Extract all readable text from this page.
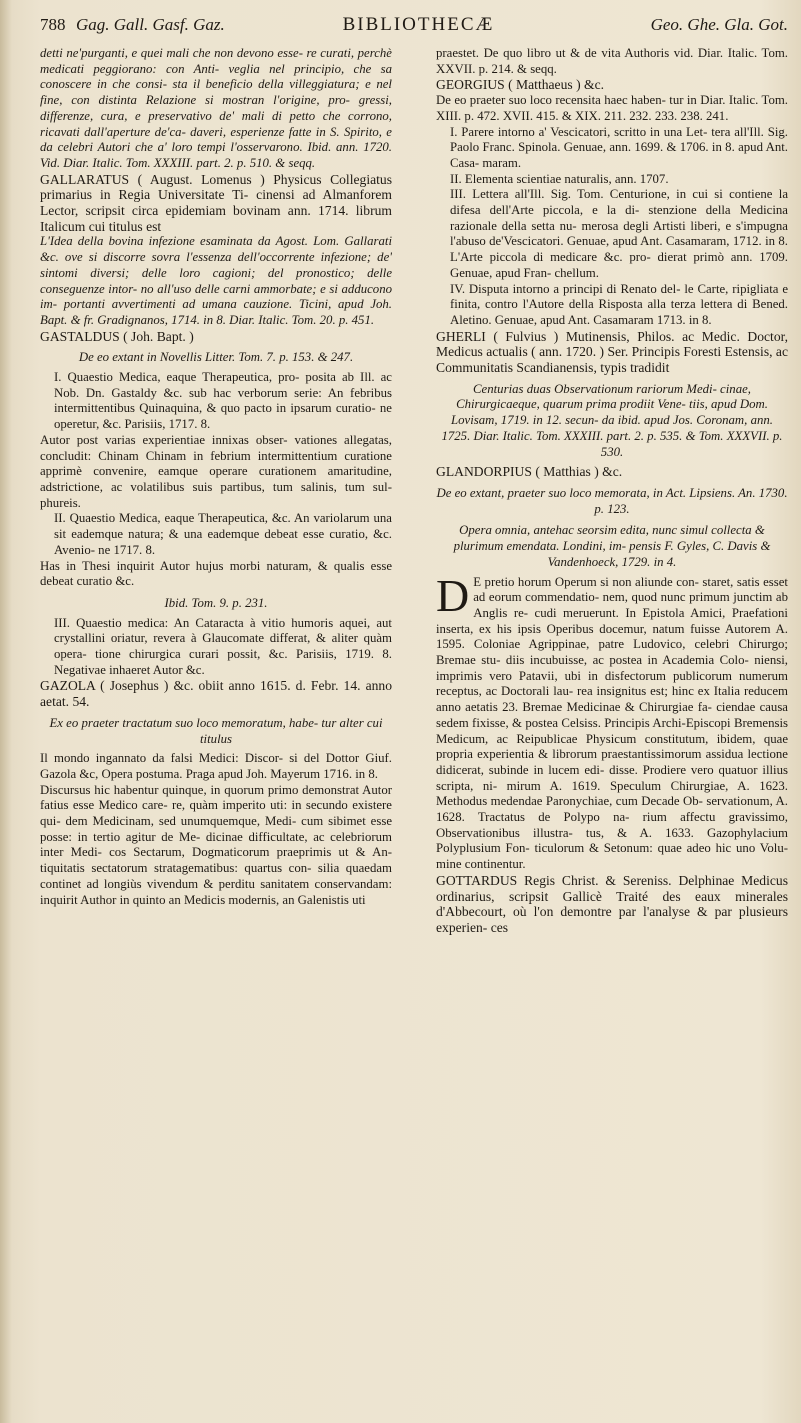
788 Gag. Gall. Gasf. Gaz.	BIBLIOTHECÆ	Geo. Ghe. Gla. Got.

detti ne'purganti, e quei mali che non devono esse- re curati, perchè medicati peggiorano: con Anti- veglia nel principio, che sa conoscere in che consi- sta il beneficio della villeggiatura; e nel fine, con distinta Relazione si mostran l'origine, pro- gressi, differenze, cura, e preservativo de' mali di petto che corrono, ricavati dall'aperture de'ca- daveri, esperienze fatte in S. Spirito, e da celebri Autori che a' loro tempi l'osservarono. Ibid. ann. 1720. Vid. Diar. Italic. Tom. XXXIII. part. 2. p. 510. & seqq.

GALLARATUS ( August. Lomenus ) Physicus Collegiatus primarius in Regia Universitate Ti- cinensi ad Almanforem Lector, scripsit circa epidemiam bovinam ann. 1714. librum Italicum cui titulus est

L'Idea della bovina infezione esaminata da Agost. Lom. Gallarati &c. ove si discorre sovra l'essenza dell'occorrente infezione; de' sintomi diversi; delle loro cagioni; del pronostico; delle conseguenze intor- no all'uso delle carni ammorbate; e si adducono im- portanti avvertimenti ad umana cauzione. Ticini, apud Joh. Bapt. & fr. Gradignanos, 1714. in 8. Diar. Italic. Tom. 20. p. 451.

GASTALDUS ( Joh. Bapt. )

De eo extant in Novellis Litter. Tom. 7. p. 153. & 247.

I. Quaestio Medica, eaque Therapeutica, pro- posita ab Ill. ac Nob. Dn. Gastaldy &c. sub hac verborum serie: An febribus intermittentibus Quinaquina, & quo pacto in ipsarum curatio- ne operetur, &c. Parisiis, 1717. 8.

Autor post varias experientiae innixas obser- vationes allegatas, concludit: Chinam Chinam in febrium intermittentium curatione apprimè convenire, eamque operare curationem amaritudine, adstrictione, ac volatilibus suis partibus, tum salinis, tum sul- phureis.

II. Quaestio Medica, eaque Therapeutica, &c. An variolarum una sit eademque natura; & una eademque debeat esse curatio, &c. Avenio- ne 1717. 8.

Has in Thesi inquirit Autor hujus morbi naturam, & qualis esse debeat curatio &c.

Ibid. Tom. 9. p. 231.

III. Quaestio medica: An Cataracta à vitio humoris aquei, aut crystallini oriatur, revera à Glaucomate differat, & aliter quàm opera- tione chirurgica curari possit, &c. Parisiis, 1719. 8. Negativae inhaeret Autor &c.

GAZOLA ( Josephus ) &c. obiit anno 1615. d. Febr. 14. anno aetat. 54.

Ex eo praeter tractatum suo loco memoratum, habe- tur alter cui titulus

Il mondo ingannato da falsi Medici: Discor- si del Dottor Giuf. Gazola &c, Opera postuma. Praga apud Joh. Mayerum 1716. in 8.

Discursus hic habentur quinque, in quorum primo demonstrat Autor fatius esse Medico care- re, quàm imperito uti: in secundo existere qui- dem Medicinam, sed unumquemque, Medi- cum sibimet esse posse: in tertio agitur de Me- dicinae difficultate, ac celebriorum inter Medi- cos Sectarum, Dogmaticorum praeprimis ut & An- tiquitatis sectatorum stratagematibus: quartus con- silia quaedam continet ad longiùs vivendum & perditu sanitatem conservandam: inquirit Author in quinto an Medicis modernis, an Galenistis uti

praestet. De quo libro ut & de vita Authoris vid. Diar. Italic. Tom. XXVII. p. 214. & seqq.

GEORGIUS ( Matthaeus ) &c.

De eo praeter suo loco recensita haec haben- tur in Diar. Italic. Tom. XIII. p. 472. XVII. 415. & XIX. 211. 232. 233. 238. 241.

I. Parere intorno a' Vescicatori, scritto in una Let- tera all'Ill. Sig. Paolo Franc. Spinola. Genuae, ann. 1699. & 1706. in 8. apud Ant. Casa- maram.

II. Elementa scientiae naturalis, ann. 1707.

III. Lettera all'Ill. Sig. Tom. Centurione, in cui si contiene la difesa dell'Arte piccola, e la di- stenzione della Medicina razionale della setta nu- merosa degli Artisti liberi, e s'impugna l'abuso de'Vescicatori. Genuae, apud Ant. Casamaram, 1712. in 8. L'Arte piccola di medicare &c. pro- dierat primò ann. 1709. Genuae, apud Fran- chellum.

IV. Disputa intorno a principi di Renato del- le Carte, ripigliata e finita, contro l'Autore della Risposta alla terza lettera di Bened. Aletino. Genuae, apud Ant. Casamaram 1713. in 8.

GHERLI ( Fulvius ) Mutinensis, Philos. ac Medic. Doctor, Medicus actualis ( ann. 1720. ) Ser. Principis Foresti Estensis, ac Communitatis Scandianensis, typis tradidit

Centurias duas Observationum rariorum Medi- cinae, Chirurgicaeque, quarum prima prodiit Vene- tiis, apud Dom. Lovisam, 1719. in 12. secun- da ibid. apud Jos. Coronam, ann. 1725. Diar. Italic. Tom. XXXIII. part. 2. p. 535. & Tom. XXXVII. p. 530.

GLANDORPIUS ( Matthias ) &c.

De eo extant, praeter suo loco memorata, in Act. Lipsiens. An. 1730. p. 123.

Opera omnia, antehac seorsim edita, nunc simul collecta & plurimum emendata. Londini, im- pensis F. Gyles, C. Davis & Vandenhoeck, 1729. in 4.

D E pretio horum Operum si non aliunde con- staret, satis esset ad eorum commendatio- nem, quod nunc primum junctim ab Anglis re- cudi meruerunt. In Epistola Amici, Praefationi inserta, ex his ipsis Operibus docemur, natum fuisse Autorem A. 1595. Coloniae Agrippinae, patre Ludovico, celebri Chirurgo; Bremae stu- diis incubuisse, ac postea in Academia Colo- niensi, imprimis vero Patavii, ubi in disfectorum publicorum numerum receptus, ac Doctorali lau- rea insignitus est; hinc ex Italia reducem anno aetatis 23. Bremae Medicinae & Chirurgiae fa- ciendae causa sedem fixisse, & postea Celsiss. Principis Archi-Episcopi Bremensis Medicum, ac Reipublicae Physicum constitutum, ibidem, quae propria experientia & librorum praestantissimorum assidua lectione didicerat, subinde in lucem edi- disse. Prodiere vero quatuor illius scripta, ni- mirum A. 1619. Speculum Chirurgiae, A. 1623. Methodus medendae Paronychiae, cum Decade Ob- servationum, A. 1628. Tractatus de Polypo na- rium affectu gravissimo, Observationibus illustra- tus, & A. 1633. Gazophylacium Polyplusium Fon- ticulorum & Setonum: quae adeo hic uno Volu- mine continentur.

GOTTARDUS Regis Christ. & Sereniss. Delphinae Medicus ordinarius, scripsit Gallicè Traité des eaux minerales d'Abbecourt, où l'on demontre par l'analyse & par plusieurs experien- ces
